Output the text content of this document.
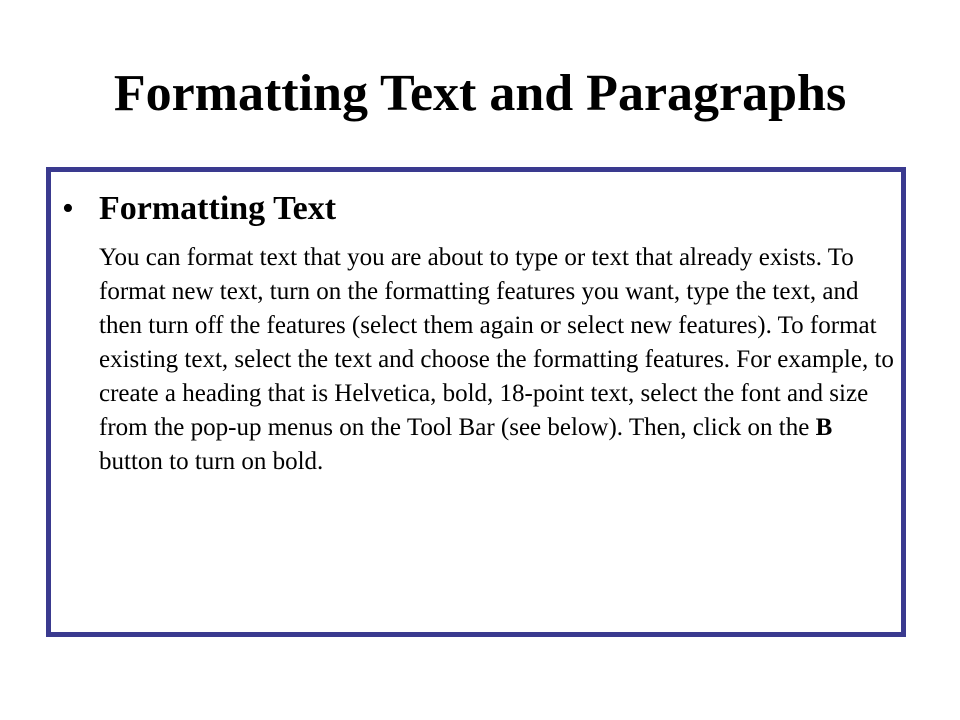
Formatting Text and Paragraphs
• Formatting Text

You can format text that you are about to type or text that already exists. To format new text, turn on the formatting features you want, type the text, and then turn off the features (select them again or select new features). To format existing text, select the text and choose the formatting features. For example, to create a heading that is Helvetica, bold, 18-point text, select the font and size from the pop-up menus on the Tool Bar (see below). Then, click on the B button to turn on bold.
